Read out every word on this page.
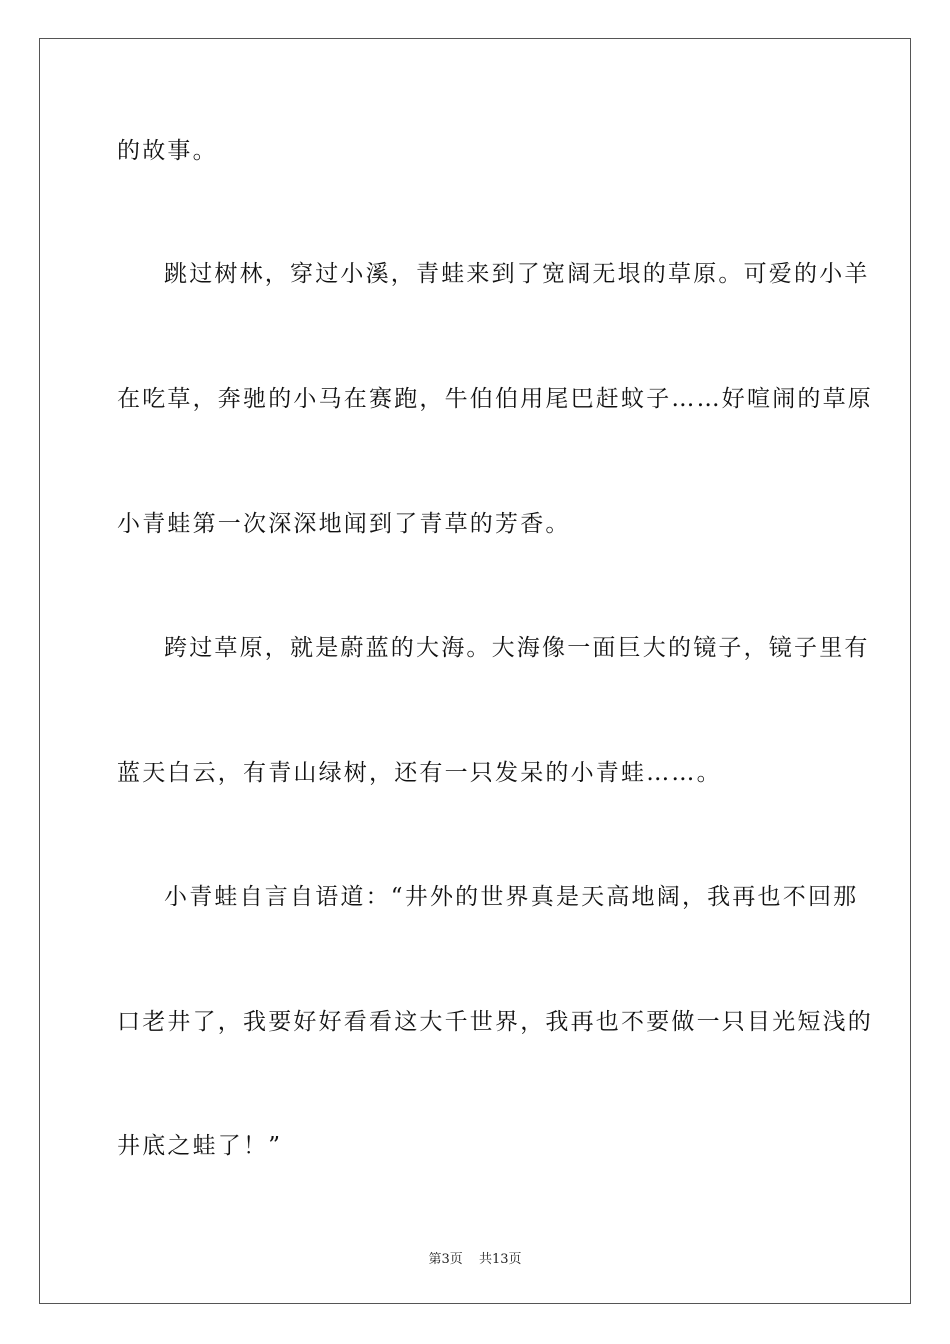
的故事。
跳过树林，穿过小溪，青蛙来到了宽阔无垠的草原。可爱的小羊
在吃草，奔驰的小马在赛跑，牛伯伯用尾巴赶蚊子……好喧闹的草原
小青蛙第一次深深地闻到了青草的芳香。
跨过草原，就是蔚蓝的大海。大海像一面巨大的镜子，镜子里有
蓝天白云，有青山绿树，还有一只发呆的小青蛙……。
小青蛙自言自语道：“井外的世界真是天高地阔，我再也不回那
口老井了，我要好好看看这大千世界，我再也不要做一只目光短浅的
井底之蛙了！”
第3页 共13页
